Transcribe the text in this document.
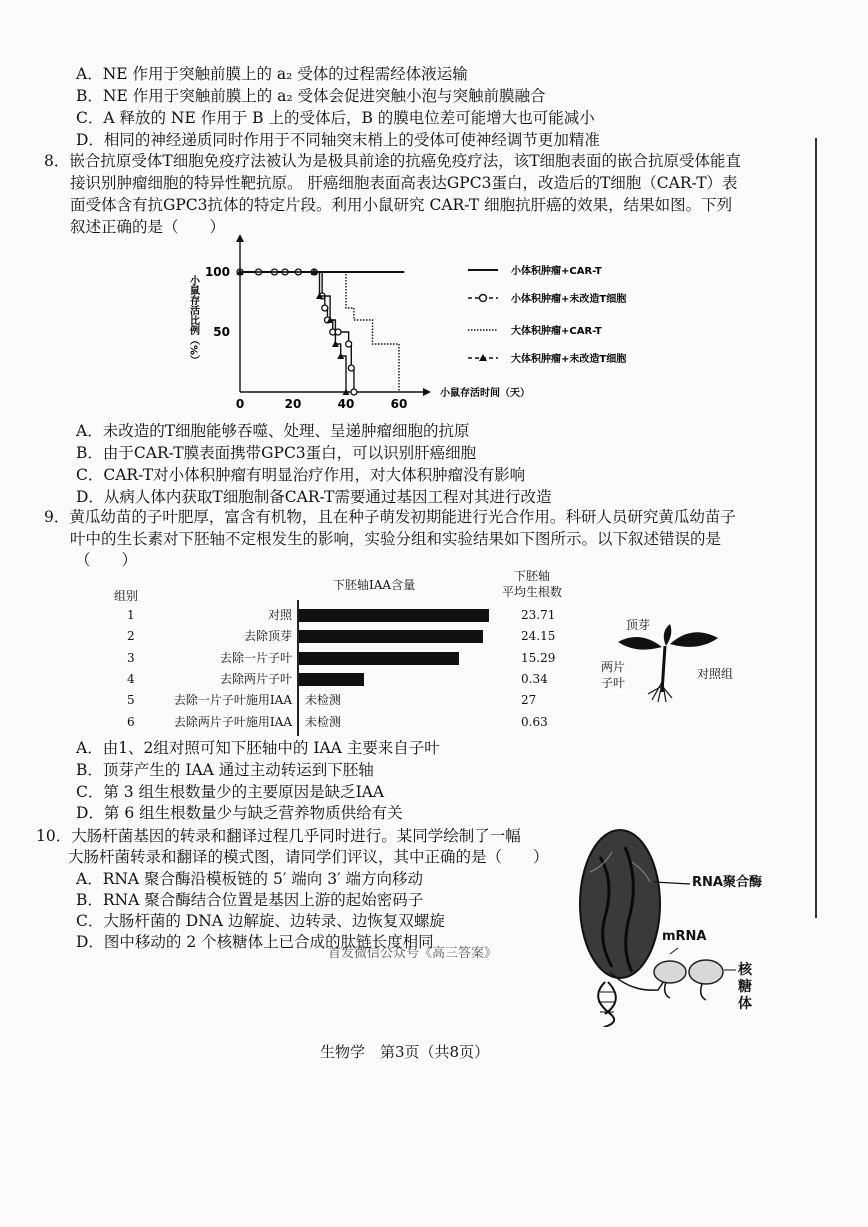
A．NE 作用于突触前膜上的 a₂ 受体的过程需经体液运输
B．NE 作用于突触前膜上的 a₂ 受体会促进突触小泡与突触前膜融合
C．A 释放的 NE 作用于 B 上的受体后，B 的膜电位差可能增大也可能减小
D．相同的神经递质同时作用于不同轴突末梢上的受体可使神经调节更加精准
8．嵌合抗原受体T细胞免疫疗法被认为是极具前途的抗癌免疫疗法，该T细胞表面的嵌合抗原受体能直
接识别肿瘤细胞的特异性靶抗原。 肝癌细胞表面高表达GPC3蛋白，改造后的T细胞（CAR-T）表
面受体含有抗GPC3抗体的特定片段。利用小鼠研究 CAR-T 细胞抗肝癌的效果，结果如图。下列
叙述正确的是（　　）
0	20	40	60
50
100
小鼠存活时间（天）
小鼠存活比例（%）
小体积肿瘤+CAR-T
小体积肿瘤+未改造T细胞
大体积肿瘤+CAR-T
大体积肿瘤+未改造T细胞
A．未改造的T细胞能够吞噬、处理、呈递肿瘤细胞的抗原
B．由于CAR-T膜表面携带GPC3蛋白，可以识别肝癌细胞
C．CAR-T对小体积肿瘤有明显治疗作用，对大体积肿瘤没有影响
D．从病人体内获取T细胞制备CAR-T需要通过基因工程对其进行改造
9．黄瓜幼苗的子叶肥厚，富含有机物，且在种子萌发初期能进行光合作用。科研人员研究黄瓜幼苗子
叶中的生长素对下胚轴不定根发生的影响，实验分组和实验结果如下图所示。以下叙述错误的是
（　　）
下胚轴IAA含量
下胚轴
平均生根数
组别
1	对照	23.71
2	去除顶芽	24.15
3	去除一片子叶	15.29
4	去除两片子叶	0.34
5	去除一片子叶施用IAA 未检测	27
6	去除两片子叶施用IAA 未检测	0.63
顶芽
两片
子叶
对照组
A．由1、2组对照可知下胚轴中的 IAA 主要来自子叶
B．顶芽产生的 IAA 通过主动转运到下胚轴
C．第 3 组生根数量少的主要原因是缺乏IAA
D．第 6 组生根数量少与缺乏营养物质供给有关
10．大肠杆菌基因的转录和翻译过程几乎同时进行。某同学绘制了一幅
大肠杆菌转录和翻译的模式图，请同学们评议，其中正确的是（　　）
A．RNA 聚合酶沿模板链的 5′ 端向 3′ 端方向移动
B．RNA 聚合酶结合位置是基因上游的起始密码子
C．大肠杆菌的 DNA 边解旋、边转录、边恢复双螺旋
D．图中移动的 2 个核糖体上已合成的肽链长度相同
RNA聚合酶
mRNA
核
糖
体
首发微信公众号《高三答案》
生物学　第3页（共8页）
